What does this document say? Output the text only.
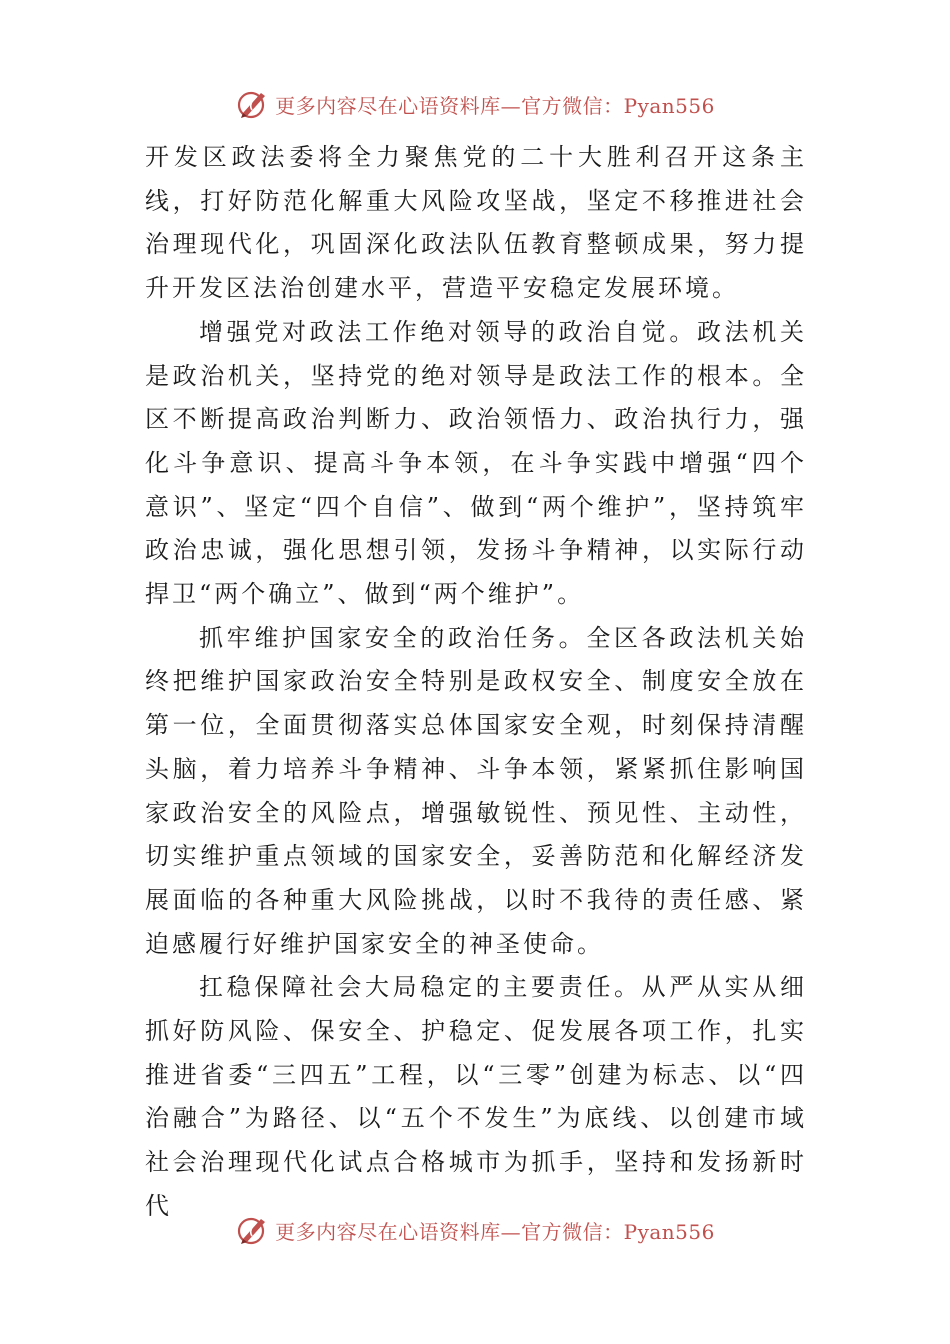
更多内容尽在心语资料库—官方微信：Pyan556

开发区政法委将全力聚焦党的二十大胜利召开这条主线，打好防范化解重大风险攻坚战，坚定不移推进社会治理现代化，巩固深化政法队伍教育整顿成果，努力提升开发区法治创建水平，营造平安稳定发展环境。

增强党对政法工作绝对领导的政治自觉。政法机关是政治机关，坚持党的绝对领导是政法工作的根本。全区不断提高政治判断力、政治领悟力、政治执行力，强化斗争意识、提高斗争本领，在斗争实践中增强“四个意识”、坚定“四个自信”、做到“两个维护”，坚持筑牢政治忠诚，强化思想引领，发扬斗争精神，以实际行动捍卫“两个确立”、做到“两个维护”。

抓牢维护国家安全的政治任务。全区各政法机关始终把维护国家政治安全特别是政权安全、制度安全放在第一位，全面贯彻落实总体国家安全观，时刻保持清醒头脑，着力培养斗争精神、斗争本领，紧紧抓住影响国家政治安全的风险点，增强敏锐性、预见性、主动性，切实维护重点领域的国家安全，妥善防范和化解经济发展面临的各种重大风险挑战，以时不我待的责任感、紧迫感履行好维护国家安全的神圣使命。

扛稳保障社会大局稳定的主要责任。从严从实从细抓好防风险、保安全、护稳定、促发展各项工作，扎实推进省委“三四五”工程，以“三零”创建为标志、以“四治融合”为路径、以“五个不发生”为底线、以创建市域社会治理现代化试点合格城市为抓手，坚持和发扬新时代

更多内容尽在心语资料库—官方微信：Pyan556
